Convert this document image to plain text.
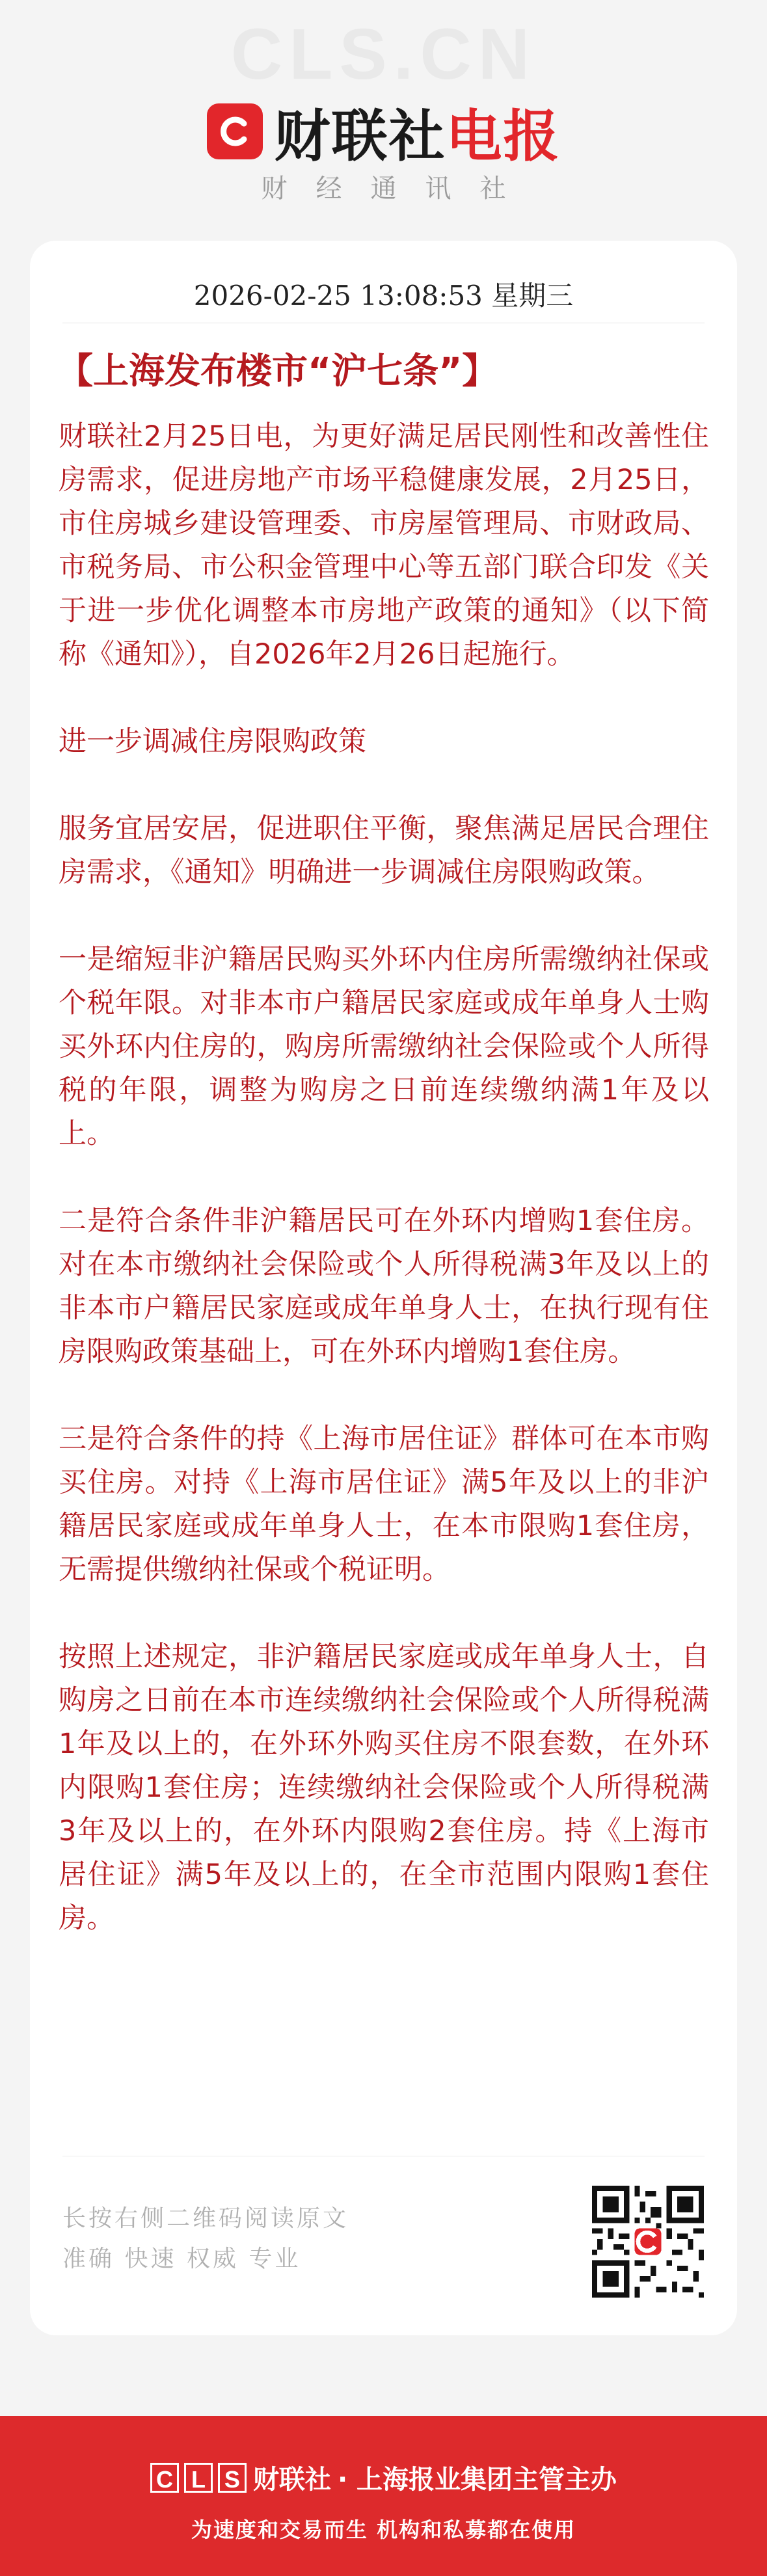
CLS.CN
财联社电报
财经通讯社
2026-02-25 13:08:53 星期三
【上海发布楼市“沪七条”】

财联社2月25日电，为更好满足居民刚性和改善性住房需求，促进房地产市场平稳健康发展，2月25日，市住房城乡建设管理委、市房屋管理局、市财政局、市税务局、市公积金管理中心等五部门联合印发《关于进一步优化调整本市房地产政策的通知》（以下简称《通知》），自2026年2月26日起施行。

进一步调减住房限购政策

服务宜居安居，促进职住平衡，聚焦满足居民合理住房需求，《通知》明确进一步调减住房限购政策。

一是缩短非沪籍居民购买外环内住房所需缴纳社保或个税年限。对非本市户籍居民家庭或成年单身人士购买外环内住房的，购房所需缴纳社会保险或个人所得税的年限，调整为购房之日前连续缴纳满1年及以上。

二是符合条件非沪籍居民可在外环内增购1套住房。对在本市缴纳社会保险或个人所得税满3年及以上的非本市户籍居民家庭或成年单身人士，在执行现有住房限购政策基础上，可在外环内增购1套住房。

三是符合条件的持《上海市居住证》群体可在本市购买住房。对持《上海市居住证》满5年及以上的非沪籍居民家庭或成年单身人士，在本市限购1套住房，无需提供缴纳社保或个税证明。

按照上述规定，非沪籍居民家庭或成年单身人士，自购房之日前在本市连续缴纳社会保险或个人所得税满1年及以上的，在外环外购买住房不限套数，在外环内限购1套住房；连续缴纳社会保险或个人所得税满3年及以上的，在外环内限购2套住房。持《上海市居住证》满5年及以上的，在全市范围内限购1套住房。

长按右侧二维码阅读原文
准确 快速 权威 专业
C L S 财联社 · 上海报业集团主管主办
为速度和交易而生 机构和私募都在使用
